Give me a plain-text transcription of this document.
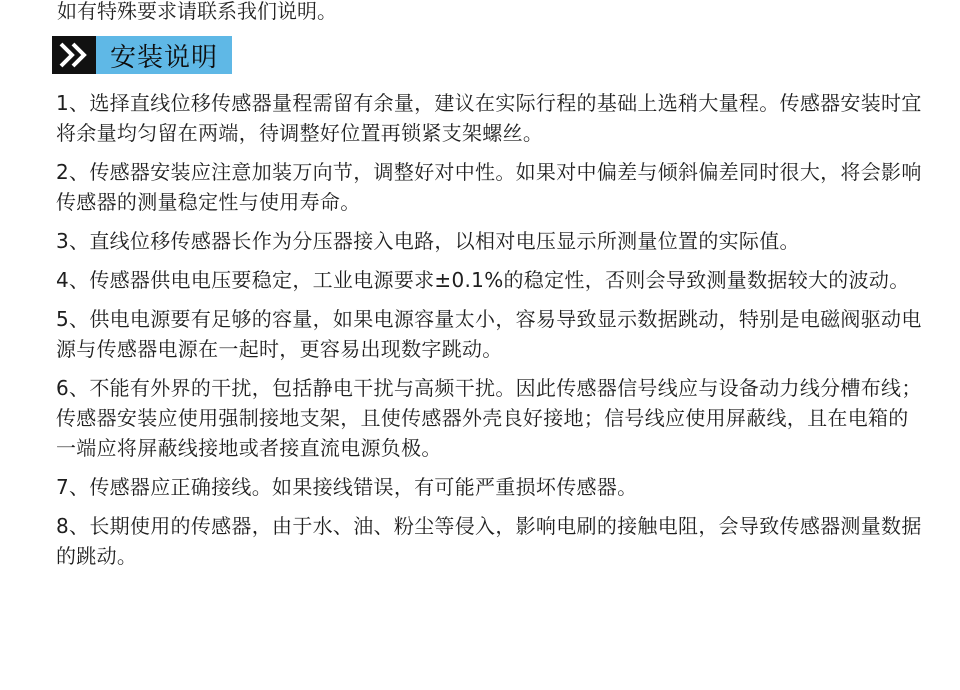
如有特殊要求请联系我们说明。
安装说明
1、选择直线位移传感器量程需留有余量，建议在实际行程的基础上选稍大量程。传感器安装时宜将余量均匀留在两端，待调整好位置再锁紧支架螺丝。
2、传感器安装应注意加装万向节，调整好对中性。如果对中偏差与倾斜偏差同时很大，将会影响传感器的测量稳定性与使用寿命。
3、直线位移传感器长作为分压器接入电路，以相对电压显示所测量位置的实际值。
4、传感器供电电压要稳定，工业电源要求±0.1%的稳定性，否则会导致测量数据较大的波动。
5、供电电源要有足够的容量，如果电源容量太小，容易导致显示数据跳动，特别是电磁阀驱动电源与传感器电源在一起时，更容易出现数字跳动。
6、不能有外界的干扰，包括静电干扰与高频干扰。因此传感器信号线应与设备动力线分槽布线；传感器安装应使用强制接地支架，且使传感器外壳良好接地；信号线应使用屏蔽线，且在电箱的一端应将屏蔽线接地或者接直流电源负极。
7、传感器应正确接线。如果接线错误，有可能严重损坏传感器。
8、长期使用的传感器，由于水、油、粉尘等侵入，影响电刷的接触电阻，会导致传感器测量数据的跳动。
